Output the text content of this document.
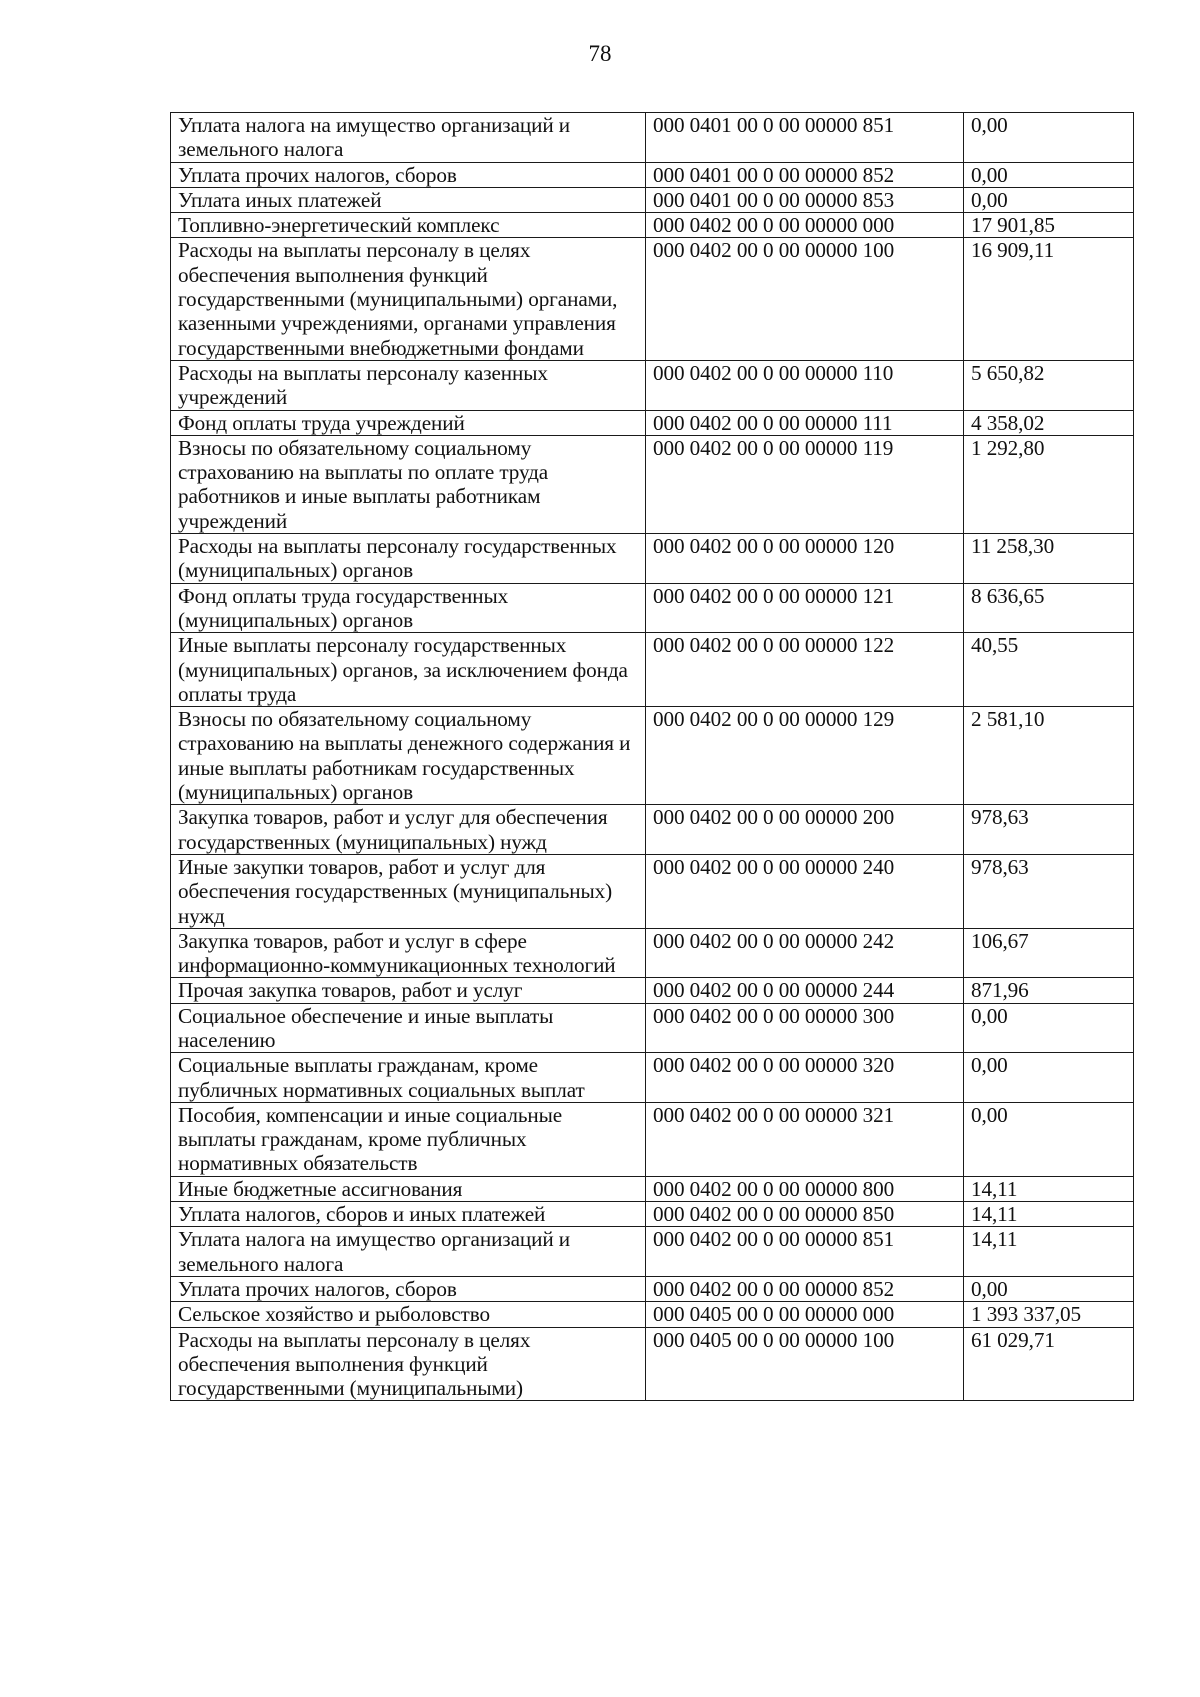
78
Уплата налога на имущество организаций и земельного налога	000 0401 00 0 00 00000 851	0,00
Уплата прочих налогов, сборов	000 0401 00 0 00 00000 852	0,00
Уплата иных платежей	000 0401 00 0 00 00000 853	0,00
Топливно-энергетический комплекс	000 0402 00 0 00 00000 000	17 901,85
Расходы на выплаты персоналу в целях обеспечения выполнения функций государственными (муниципальными) органами, казенными учреждениями, органами управления государственными внебюджетными фондами	000 0402 00 0 00 00000 100	16 909,11
Расходы на выплаты персоналу казенных учреждений	000 0402 00 0 00 00000 110	5 650,82
Фонд оплаты труда учреждений	000 0402 00 0 00 00000 111	4 358,02
Взносы по обязательному социальному страхованию на выплаты по оплате труда работников и иные выплаты работникам учреждений	000 0402 00 0 00 00000 119	1 292,80
Расходы на выплаты персоналу государственных (муниципальных) органов	000 0402 00 0 00 00000 120	11 258,30
Фонд оплаты труда государственных (муниципальных) органов	000 0402 00 0 00 00000 121	8 636,65
Иные выплаты персоналу государственных (муниципальных) органов, за исключением фонда оплаты труда	000 0402 00 0 00 00000 122	40,55
Взносы по обязательному социальному страхованию на выплаты денежного содержания и иные выплаты работникам государственных (муниципальных) органов	000 0402 00 0 00 00000 129	2 581,10
Закупка товаров, работ и услуг для обеспечения государственных (муниципальных) нужд	000 0402 00 0 00 00000 200	978,63
Иные закупки товаров, работ и услуг для обеспечения государственных (муниципальных) нужд	000 0402 00 0 00 00000 240	978,63
Закупка товаров, работ и услуг в сфере информационно-коммуникационных технологий	000 0402 00 0 00 00000 242	106,67
Прочая закупка товаров, работ и услуг	000 0402 00 0 00 00000 244	871,96
Социальное обеспечение и иные выплаты населению	000 0402 00 0 00 00000 300	0,00
Социальные выплаты гражданам, кроме публичных нормативных социальных выплат	000 0402 00 0 00 00000 320	0,00
Пособия, компенсации и иные социальные выплаты гражданам, кроме публичных нормативных обязательств	000 0402 00 0 00 00000 321	0,00
Иные бюджетные ассигнования	000 0402 00 0 00 00000 800	14,11
Уплата налогов, сборов и иных платежей	000 0402 00 0 00 00000 850	14,11
Уплата налога на имущество организаций и земельного налога	000 0402 00 0 00 00000 851	14,11
Уплата прочих налогов, сборов	000 0402 00 0 00 00000 852	0,00
Сельское хозяйство и рыболовство	000 0405 00 0 00 00000 000	1 393 337,05
Расходы на выплаты персоналу в целях обеспечения выполнения функций государственными (муниципальными)	000 0405 00 0 00 00000 100	61 029,71
